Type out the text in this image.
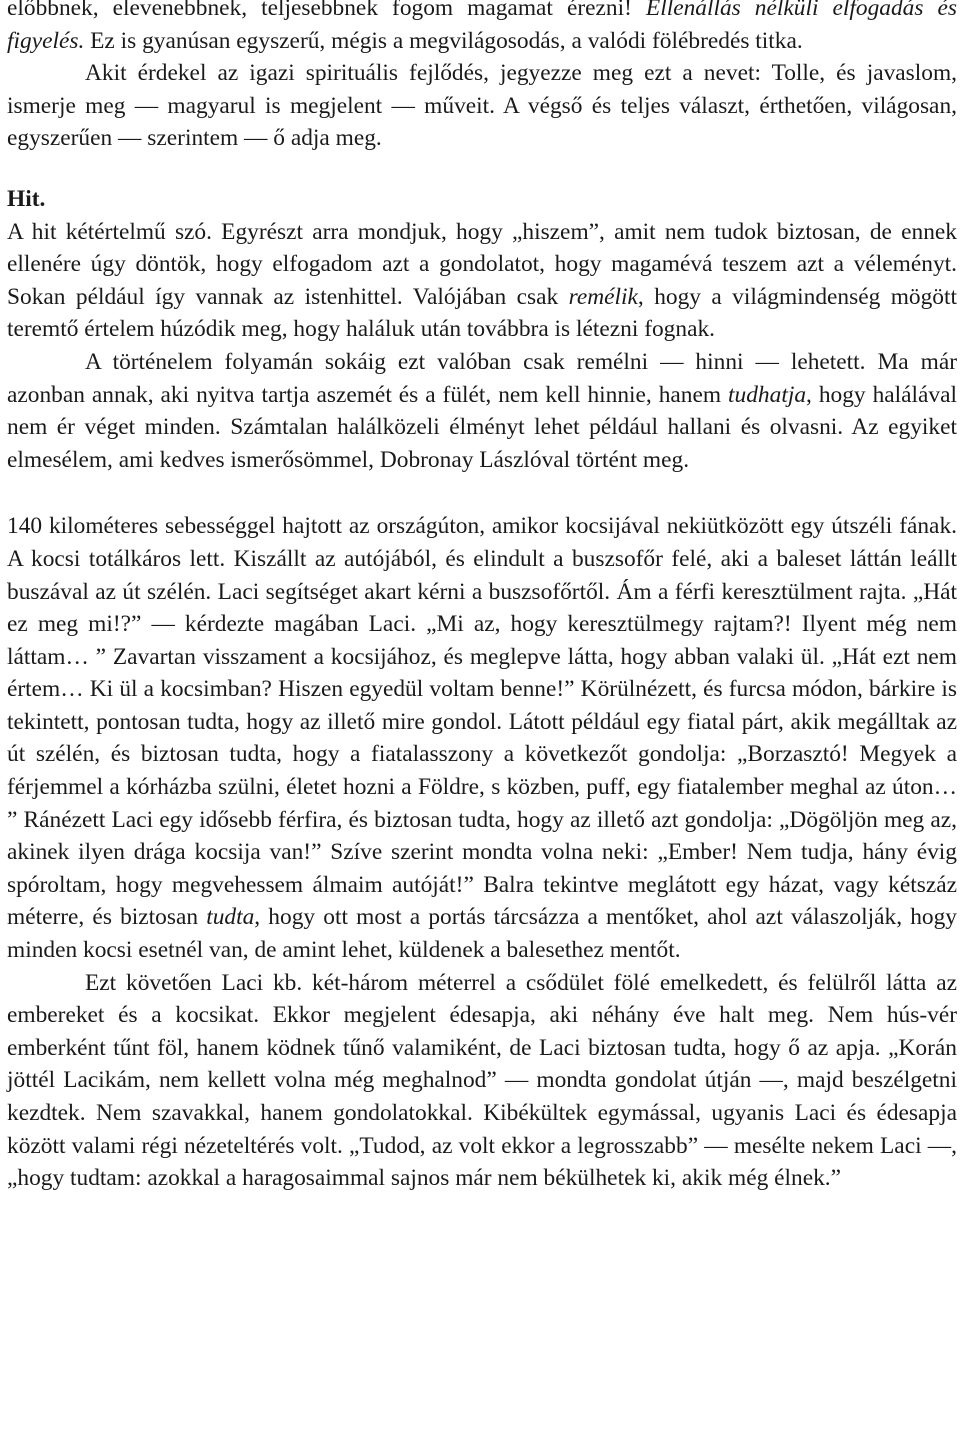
előbbnek, elevenebbnek, teljesebbnek fogom magamat érezni! Ellenállás nélküli elfogadás és figyelés. Ez is gyanúsan egyszerű, mégis a megvilágosodás, a valódi fölébredés titka.

Akit érdekel az igazi spirituális fejlődés, jegyezze meg ezt a nevet: Tolle, és javaslom, ismerje meg — magyarul is megjelent — műveit. A végső és teljes választ, érthetően, világosan, egyszerűen — szerintem — ő adja meg.

Hit.

A hit kétértelmű szó. Egyrészt arra mondjuk, hogy „hiszem”, amit nem tudok biztosan, de ennek ellenére úgy döntök, hogy elfogadom azt a gondolatot, hogy magamévá teszem azt a véleményt. Sokan például így vannak az istenhittel. Valójában csak remélik, hogy a világmindenség mögött teremtő értelem húzódik meg, hogy haláluk után továbbra is létezni fognak.

A történelem folyamán sokáig ezt valóban csak remélni — hinni — lehetett. Ma már azonban annak, aki nyitva tartja aszemét és a fülét, nem kell hinnie, hanem tudhatja, hogy halálával nem ér véget minden. Számtalan halálközeli élményt lehet például hallani és olvasni. Az egyiket elmesélem, ami kedves ismerősömmel, Dobronay Lászlóval történt meg.

140 kilométeres sebességgel hajtott az országúton, amikor kocsijával nekiütközött egy útszéli fának. A kocsi totálkáros lett. Kiszállt az autójából, és elindult a buszsofőr felé, aki a baleset láttán leállt buszával az út szélén. Laci segítséget akart kérni a buszsofőrtől. Ám a férfi keresztülment rajta. „Hát ez meg mi!?” — kérdezte magában Laci. „Mi az, hogy keresztülmegy rajtam?! Ilyent még nem láttam… ” Zavartan visszament a kocsijához, és meglepve látta, hogy abban valaki ül. „Hát ezt nem értem… Ki ül a kocsimban? Hiszen egyedül voltam benne!” Körülnézett, és furcsa módon, bárkire is tekintett, pontosan tudta, hogy az illető mire gondol. Látott például egy fiatal párt, akik megálltak az út szélén, és biztosan tudta, hogy a fiatalasszony a következőt gondolja: „Borzasztó! Megyek a férjemmel a kórházba szülni, életet hozni a Földre, s közben, puff, egy fiatalember meghal az úton… ” Ránézett Laci egy idősebb férfira, és biztosan tudta, hogy az illető azt gondolja: „Dögöljön meg az, akinek ilyen drága kocsija van!” Szíve szerint mondta volna neki: „Ember! Nem tudja, hány évig spóroltam, hogy megvehessem álmaim autóját!” Balra tekintve meglátott egy házat, vagy kétszáz méterre, és biztosan tudta, hogy ott most a portás tárcsázza a mentőket, ahol azt válaszolják, hogy minden kocsi esetnél van, de amint lehet, küldenek a balesethez mentőt.

Ezt követően Laci kb. két-három méterrel a csődület fölé emelkedett, és felülről látta az embereket és a kocsikat. Ekkor megjelent édesapja, aki néhány éve halt meg. Nem hús-vér emberként tűnt föl, hanem ködnek tűnő valamiként, de Laci biztosan tudta, hogy ő az apja. „Korán jöttél Lacikám, nem kellett volna még meghalnod” — mondta gondolat útján —, majd beszélgetni kezdtek. Nem szavakkal, hanem gondolatokkal. Kibékültek egymással, ugyanis Laci és édesapja között valami régi nézeteltérés volt. „Tudod, az volt ekkor a legrosszabb” — mesélte nekem Laci —, „hogy tudtam: azokkal a haragosaimmal sajnos már nem békülhetek ki, akik még élnek.”
